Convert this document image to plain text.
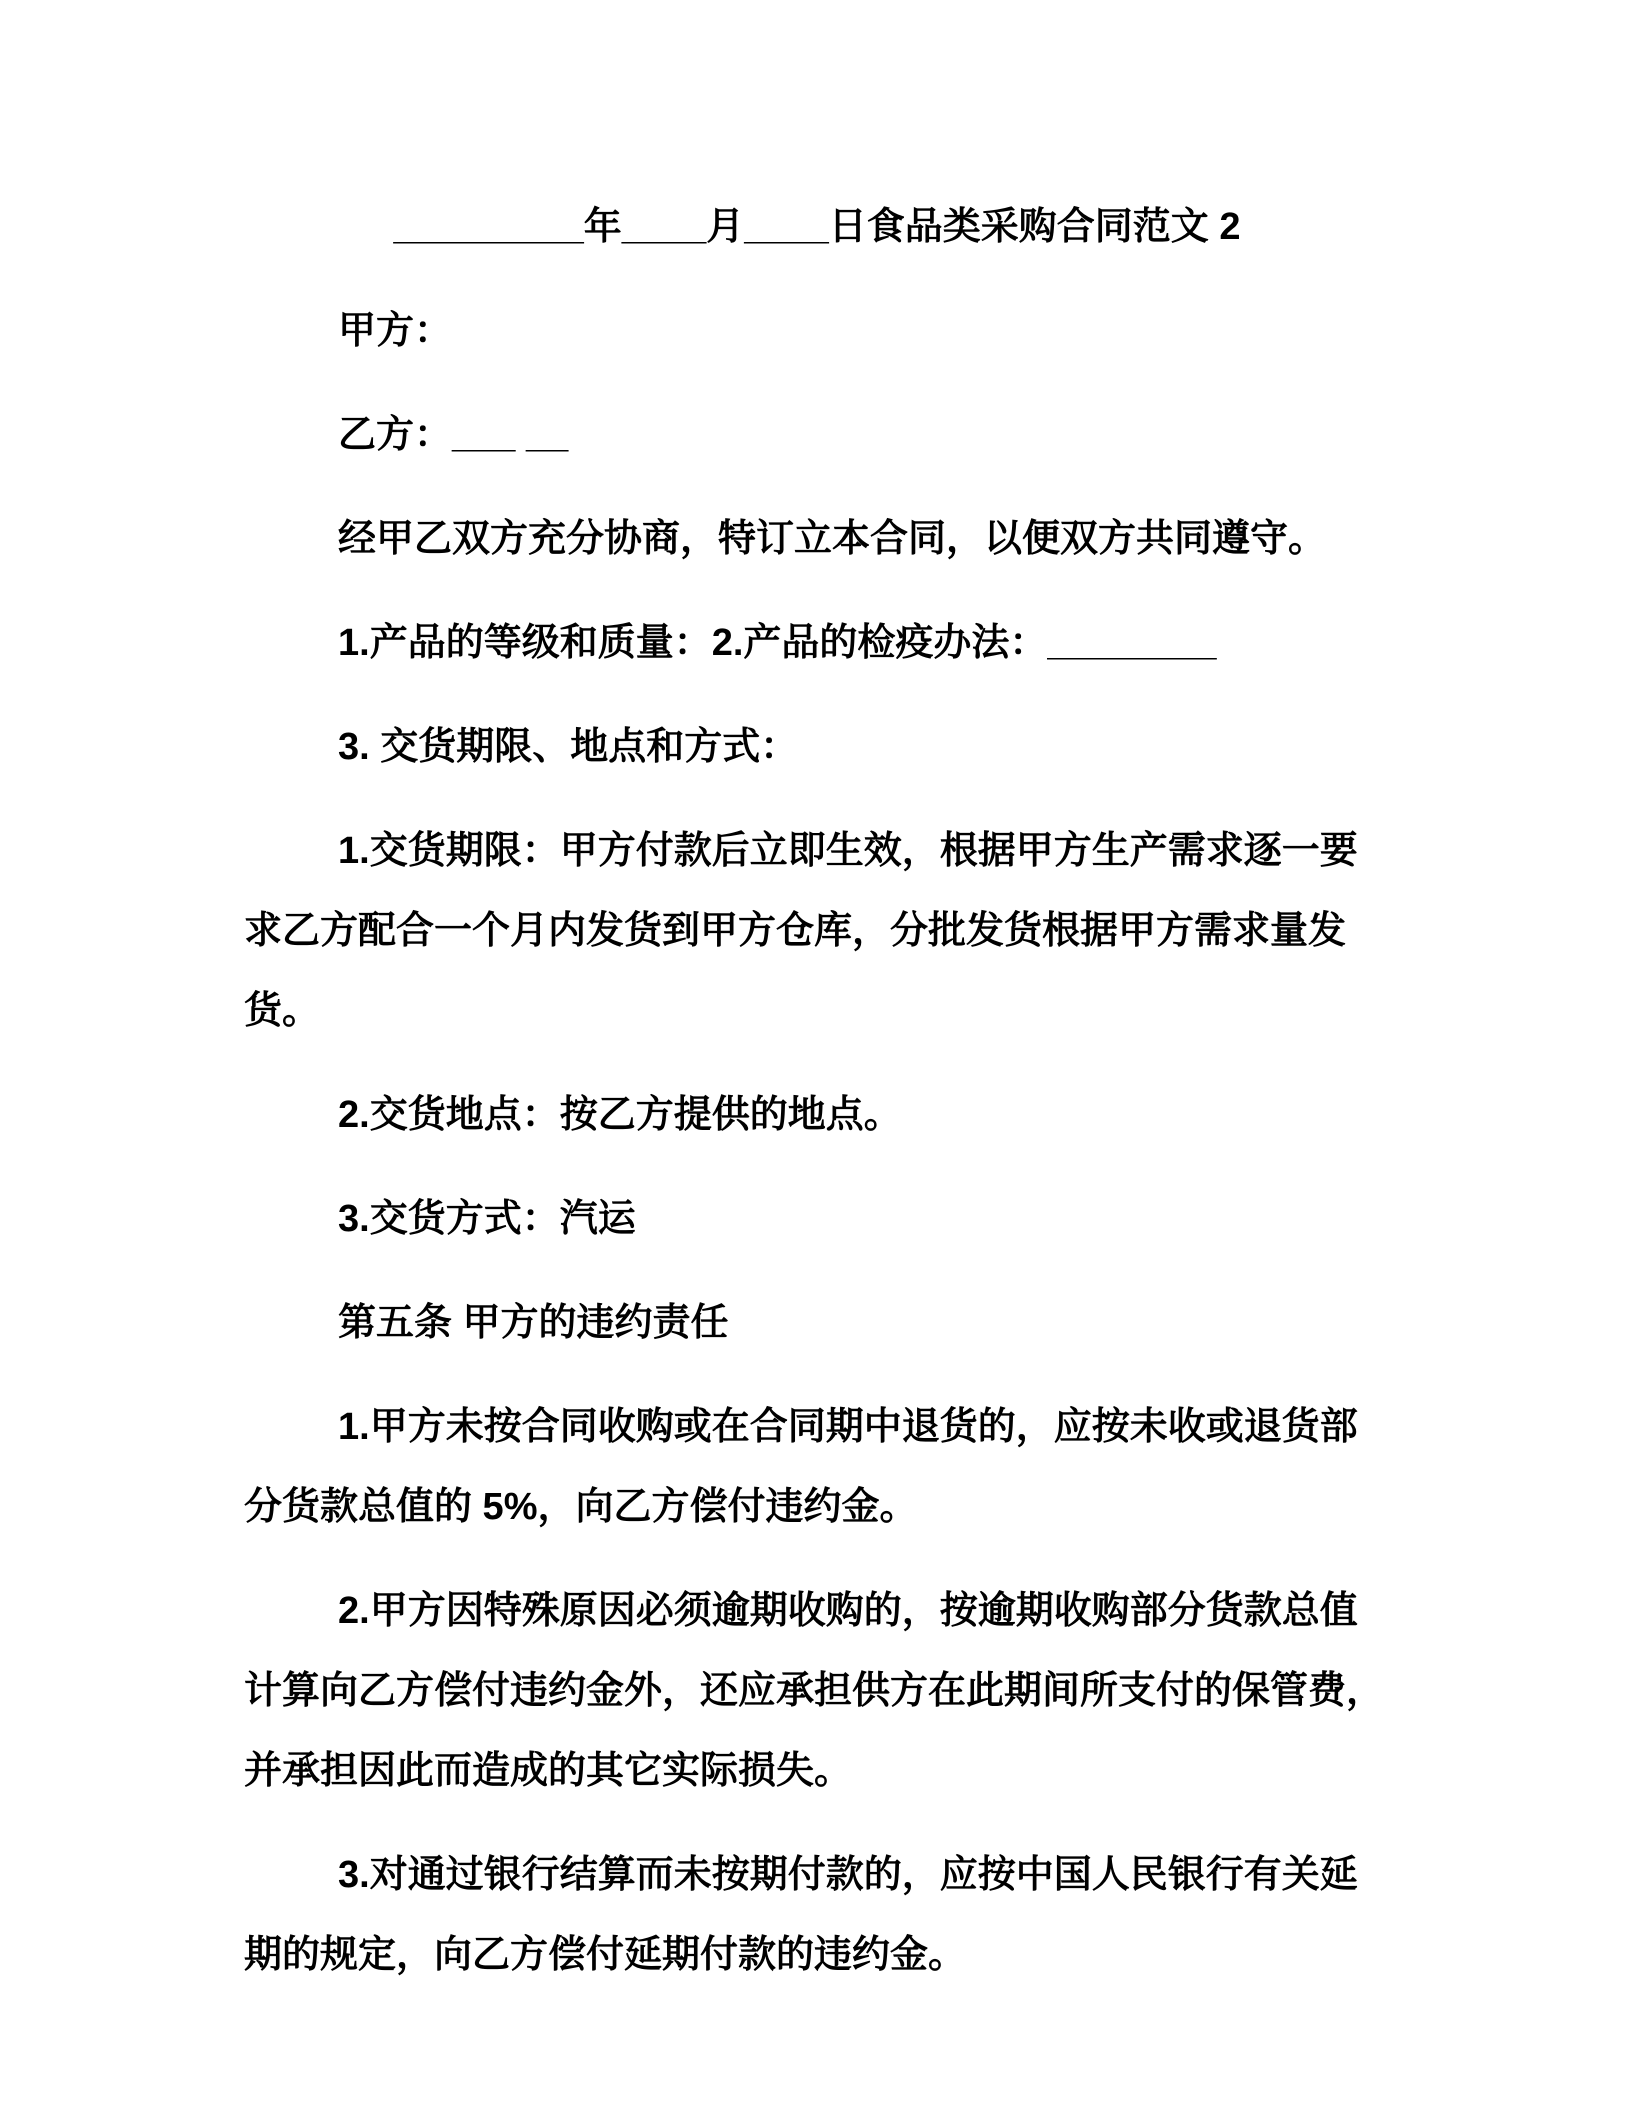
_________年____月____日食品类采购合同范文 2

甲方：

乙方：___ __

经甲乙双方充分协商，特订立本合同，以便双方共同遵守。

1.产品的等级和质量：2.产品的检疫办法：________

3. 交货期限、地点和方式：

1.交货期限：甲方付款后立即生效，根据甲方生产需求逐一要求乙方配合一个月内发货到甲方仓库，分批发货根据甲方需求量发货。

2.交货地点：按乙方提供的地点。

3.交货方式：汽运

第五条 甲方的违约责任

1.甲方未按合同收购或在合同期中退货的，应按未收或退货部分货款总值的 5%，向乙方偿付违约金。

2.甲方因特殊原因必须逾期收购的，按逾期收购部分货款总值计算向乙方偿付违约金外，还应承担供方在此期间所支付的保管费，并承担因此而造成的其它实际损失。

3.对通过银行结算而未按期付款的，应按中国人民银行有关延期的规定，向乙方偿付延期付款的违约金。
